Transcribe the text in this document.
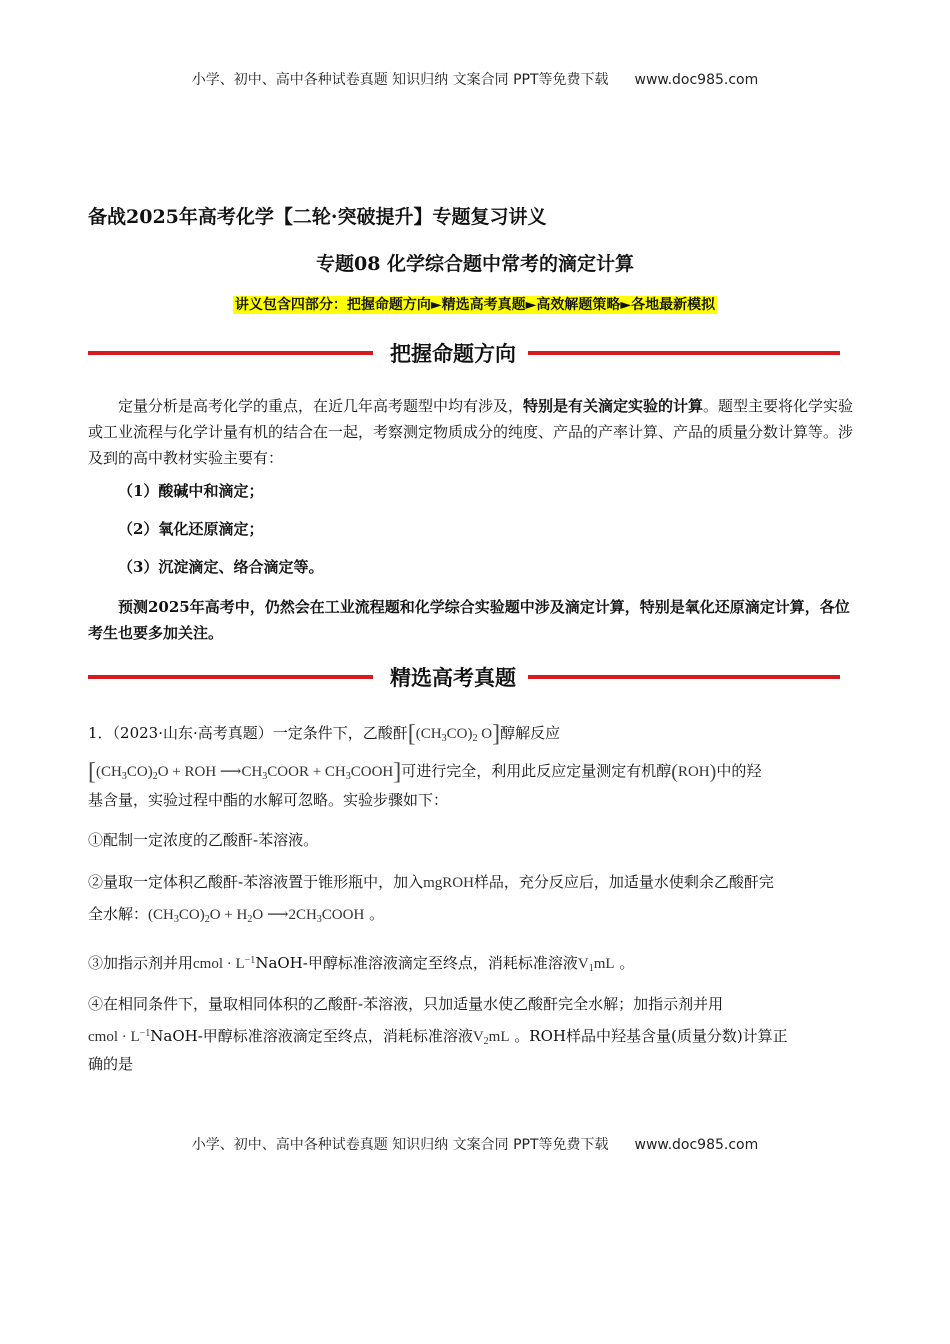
小学、初中、高中各种试卷真题 知识归纳 文案合同 PPT等免费下载 www.doc985.com
备战2025年高考化学【二轮·突破提升】专题复习讲义
专题08 化学综合题中常考的滴定计算
讲义包含四部分：把握命题方向►精选高考真题►高效解题策略►各地最新模拟
把握命题方向
定量分析是高考化学的重点，在近几年高考题型中均有涉及，特别是有关滴定实验的计算。题型主要将化学实验或工业流程与化学计量有机的结合在一起，考察测定物质成分的纯度、产品的产率计算、产品的质量分数计算等。涉及到的高中教材实验主要有：
（1）酸碱中和滴定；
（2）氧化还原滴定；
（3）沉淀滴定、络合滴定等。
预测2025年高考中，仍然会在工业流程题和化学综合实验题中涉及滴定计算，特别是氧化还原滴定计算，各位考生也要多加关注。
精选高考真题
1．（2023·山东·高考真题）一定条件下，乙酸酐[$(CH_3CO)_2$ O]醇解反应
[$(CH_3CO)_2O$ + ROH $⟶CH_3COOR$ + $CH_3COOH$]可进行完全，利用此反应定量测定有机醇(ROH)中的羟
基含量，实验过程中酯的水解可忽略。实验步骤如下：
①配制一定浓度的乙酸酐-苯溶液。
②量取一定体积乙酸酐-苯溶液置于锥形瓶中，加入mgROH样品，充分反应后，加适量水使剩余乙酸酐完
全水解：$(CH_3CO)_2O + H_2O$ $⟶2CH_3COOH$ 。
③加指示剂并用cmol · $L^{-1}NaOH-$甲醇标准溶液滴定至终点，消耗标准溶液$V_1mL$ 。
④在相同条件下，量取相同体积的乙酸酐-苯溶液，只加适量水使乙酸酐完全水解；加指示剂并用
cmol · $L^{-1}NaOH-$甲醇标准溶液滴定至终点，消耗标准溶液$V_2mL$ 。ROH样品中羟基含量(质量分数)计算正
确的是
小学、初中、高中各种试卷真题 知识归纳 文案合同 PPT等免费下载 www.doc985.com
